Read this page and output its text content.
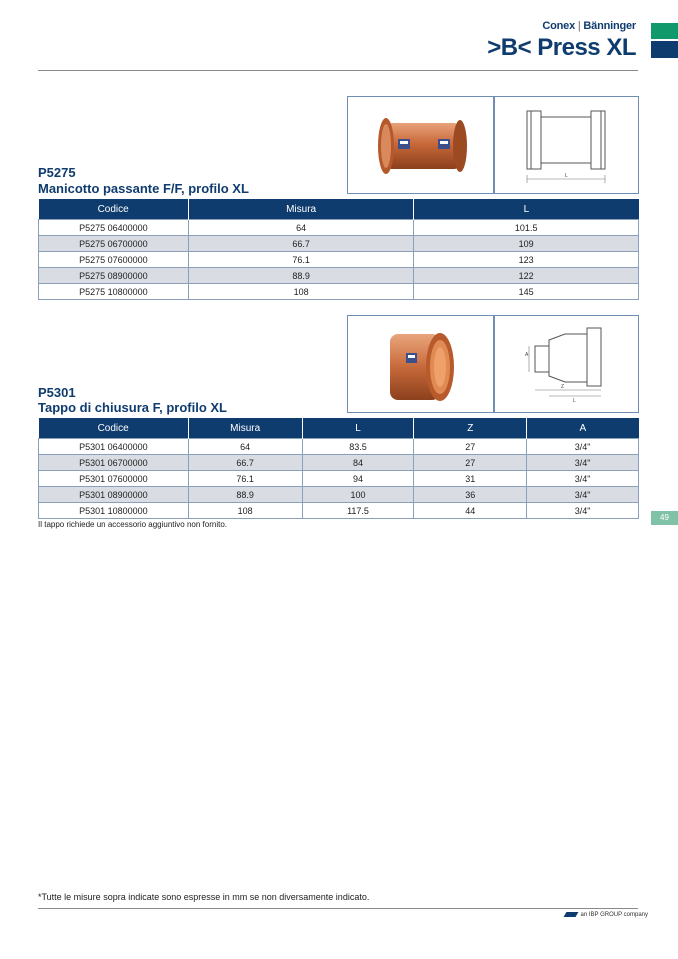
Conex | Bänninger
>B< Press XL
49
L
P5275
Manicotto passante F/F, profilo XL
Codice	Misura	L
P5275 06400000	64	101.5
P5275 06700000	66.7	109
P5275 07600000	76.1	123
P5275 08900000	88.9	122
P5275 10800000	108	145
A
Z
L
P5301
Tappo di chiusura F, profilo XL
Codice	Misura	L	Z	A
P5301 06400000	64	83.5	27	3/4"
P5301 06700000	66.7	84	27	3/4"
P5301 07600000	76.1	94	31	3/4"
P5301 08900000	88.9	100	36	3/4"
P5301 10800000	108	117.5	44	3/4"
Il tappo richiede un accessorio aggiuntivo non fornito.
*Tutte le misure sopra indicate sono espresse in mm se non diversamente indicato.
an IBP GROUP company
